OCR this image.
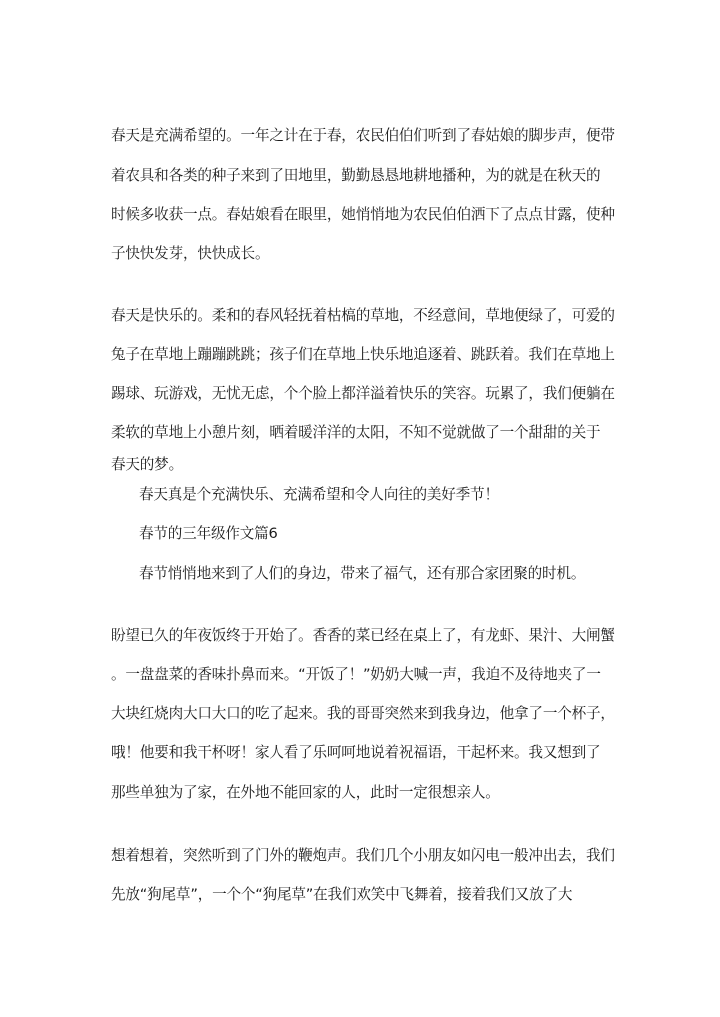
春天是充满希望的。一年之计在于春，农民伯伯们听到了春姑娘的脚步声，便带
着农具和各类的种子来到了田地里，勤勤恳恳地耕地播种，为的就是在秋天的
时候多收获一点。春姑娘看在眼里，她悄悄地为农民伯伯洒下了点点甘露，使种
子快快发芽，快快成长。
春天是快乐的。柔和的春风轻抚着枯槁的草地，不经意间，草地便绿了，可爱的
兔子在草地上蹦蹦跳跳；孩子们在草地上快乐地追逐着、跳跃着。我们在草地上
踢球、玩游戏，无忧无虑，个个脸上都洋溢着快乐的笑容。玩累了，我们便躺在
柔软的草地上小憩片刻，晒着暖洋洋的太阳，不知不觉就做了一个甜甜的关于
春天的梦。
春天真是个充满快乐、充满希望和令人向往的美好季节！
春节的三年级作文篇6
春节悄悄地来到了人们的身边，带来了福气，还有那合家团聚的时机。
盼望已久的年夜饭终于开始了。香香的菜已经在桌上了，有龙虾、果汁、大闸蟹
。一盘盘菜的香味扑鼻而来。“开饭了！”奶奶大喊一声，我迫不及待地夹了一
大块红烧肉大口大口的吃了起来。我的哥哥突然来到我身边，他拿了一个杯子，
哦！他要和我干杯呀！家人看了乐呵呵地说着祝福语，干起杯来。我又想到了
那些单独为了家，在外地不能回家的人，此时一定很想亲人。
想着想着，突然听到了门外的鞭炮声。我们几个小朋友如闪电一般冲出去，我们
先放“狗尾草”，一个个“狗尾草”在我们欢笑中飞舞着，接着我们又放了大
